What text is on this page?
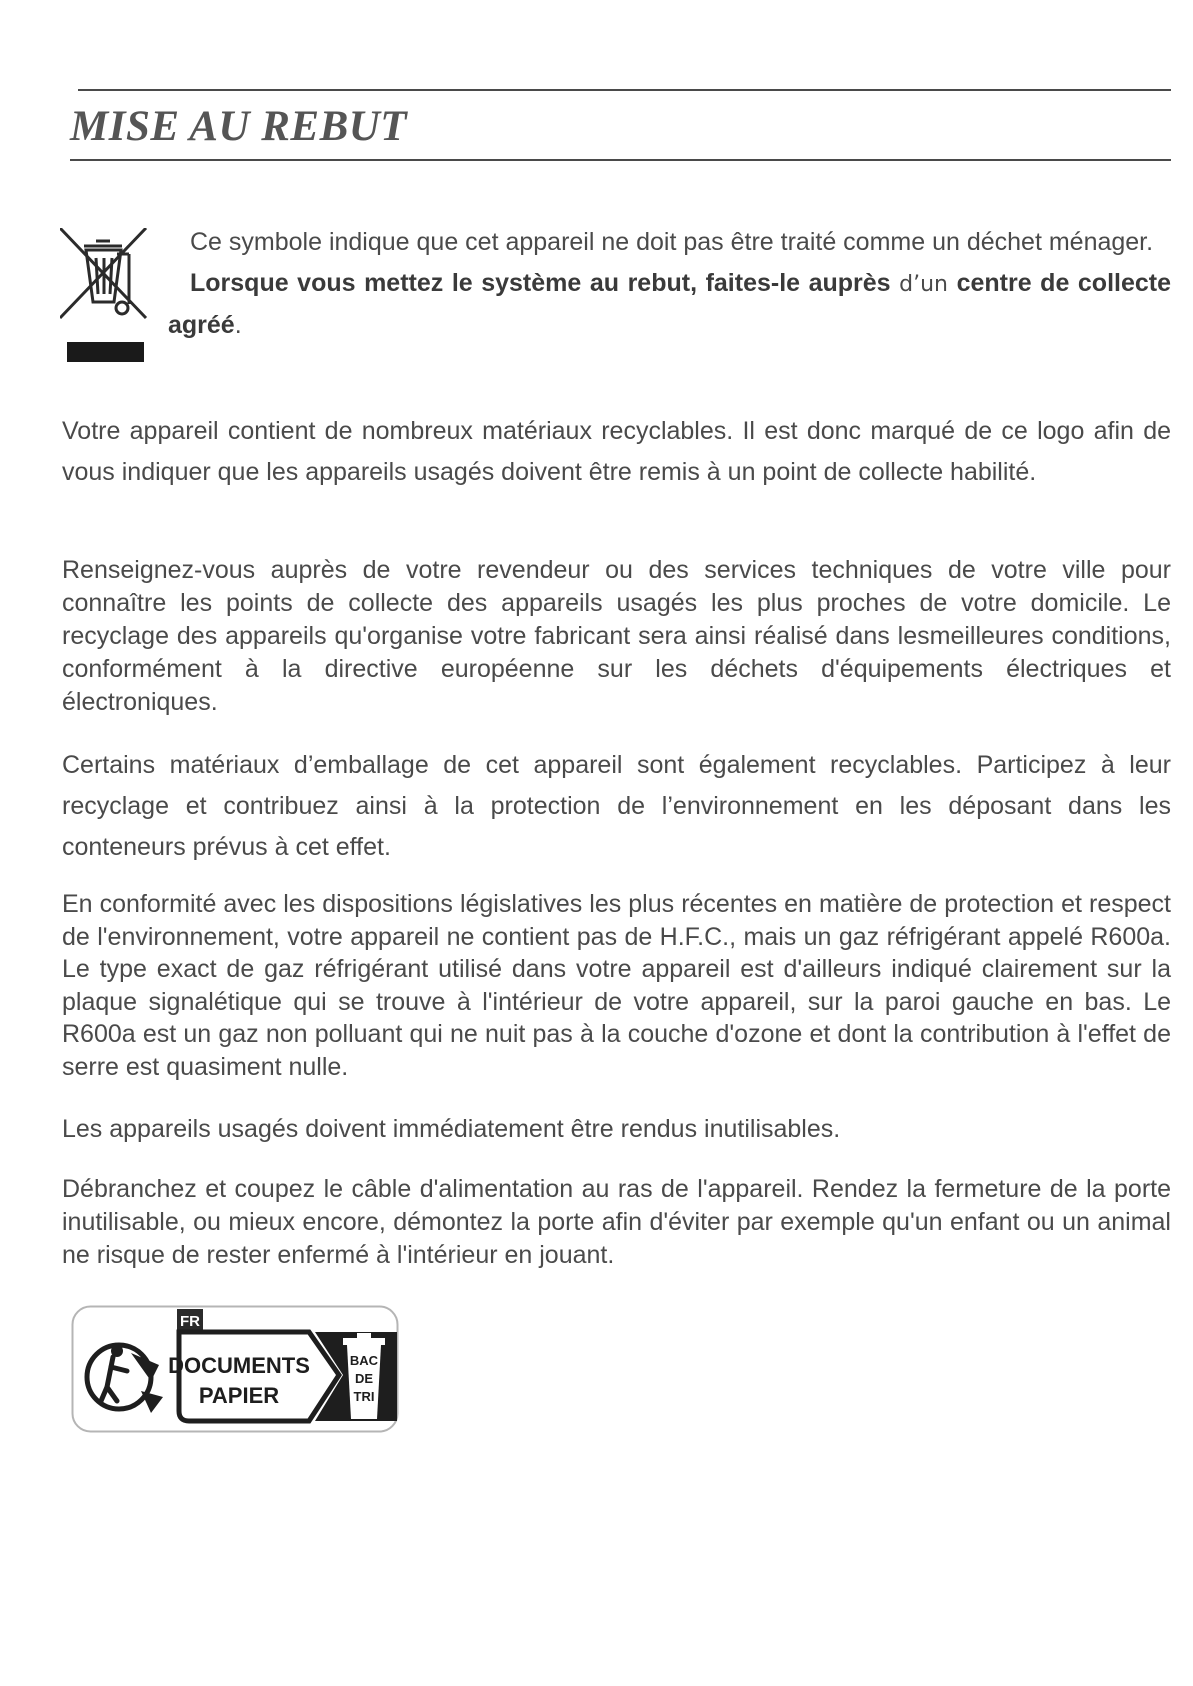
MISE AU REBUT

Ce symbole indique que cet appareil ne doit pas être traité comme un déchet ménager.

Lorsque vous mettez le système au rebut, faites-le auprès d’un centre de collecte agréé.

Votre appareil contient de nombreux matériaux recyclables. Il est donc marqué de ce logo afin de vous indiquer que les appareils usagés doivent être remis à un point de collecte habilité.

Renseignez-vous auprès de votre revendeur ou des services techniques de votre ville pour connaître les points de collecte des appareils usagés les plus proches de votre domicile. Le recyclage des appareils qu'organise votre fabricant sera ainsi réalisé dans lesmeilleures conditions, conformément à la directive européenne sur les déchets d'équipements électriques et électroniques.

Certains matériaux d’emballage de cet appareil sont également recyclables. Participez à leur recyclage et contribuez ainsi à la protection de l’environnement en les déposant dans les conteneurs prévus à cet effet.

En conformité avec les dispositions législatives les plus récentes en matière de protection et respect de l'environnement, votre appareil ne contient pas de H.F.C., mais un gaz réfrigérant appelé R600a. Le type exact de gaz réfrigérant utilisé dans votre appareil est d'ailleurs indiqué clairement sur la plaque signalétique qui se trouve à l'intérieur de votre appareil, sur la paroi gauche en bas. Le R600a est un gaz non polluant qui ne nuit pas à la couche d'ozone et dont la contribution à l'effet de serre est quasiment nulle.

Les appareils usagés doivent immédiatement être rendus inutilisables.

Débranchez et coupez le câble d'alimentation au ras de l'appareil. Rendez la fermeture de la porte inutilisable, ou mieux encore, démontez la porte afin d'éviter par exemple qu'un enfant ou un animal ne risque de rester enfermé à l'intérieur en jouant.

FR
DOCUMENTS
PAPIER
BAC
DE
TRI
